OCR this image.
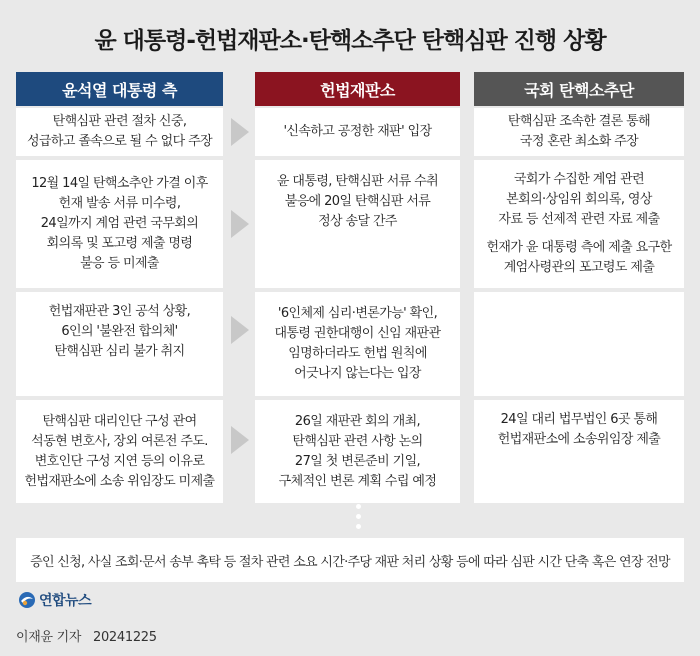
윤 대통령-헌법재판소·탄핵소추단 탄핵심판 진행 상황
윤석열 대통령 측	헌법재판소	국회 탄핵소추단
탄핵심판 관련 절차 신중,
성급하고 졸속으로 될 수 없다 주장
'신속하고 공정한 재판' 입장
탄핵심판 조속한 결론 통해
국정 혼란 최소화 주장
12월 14일 탄핵소추안 가결 이후
헌재 발송 서류 미수령,
24일까지 계엄 관련 국무회의
회의록 및 포고령 제출 명령
불응 등 미제출
윤 대통령, 탄핵심판 서류 수취
불응에 20일 탄핵심판 서류
정상 송달 간주
국회가 수집한 계엄 관련
본회의·상임위 회의록, 영상
자료 등 선제적 관련 자료 제출
헌재가 윤 대통령 측에 제출 요구한
계엄사령관의 포고령도 제출
헌법재판관 3인 공석 상황,
6인의 '불완전 합의체'
탄핵심판 심리 불가 취지
'6인체제 심리·변론가능' 확인,
대통령 권한대행이 신임 재판관
임명하더라도 헌법 원칙에
어긋나지 않는다는 입장
탄핵심판 대리인단 구성 관여
석동현 변호사, 장외 여론전 주도.
변호인단 구성 지연 등의 이유로
헌법재판소에 소송 위임장도 미제출
26일 재판관 회의 개최,
탄핵심판 관련 사항 논의
27일 첫 변론준비 기일,
구체적인 변론 계획 수립 예정
24일 대리 법무법인 6곳 통해
헌법재판소에 소송위임장 제출
증인 신청, 사실 조회·문서 송부 촉탁 등 절차 관련 소요 시간·주당 재판 처리 상황 등에 따라 심판 시간 단축 혹은 연장 전망
연합뉴스
이재윤 기자 20241225
